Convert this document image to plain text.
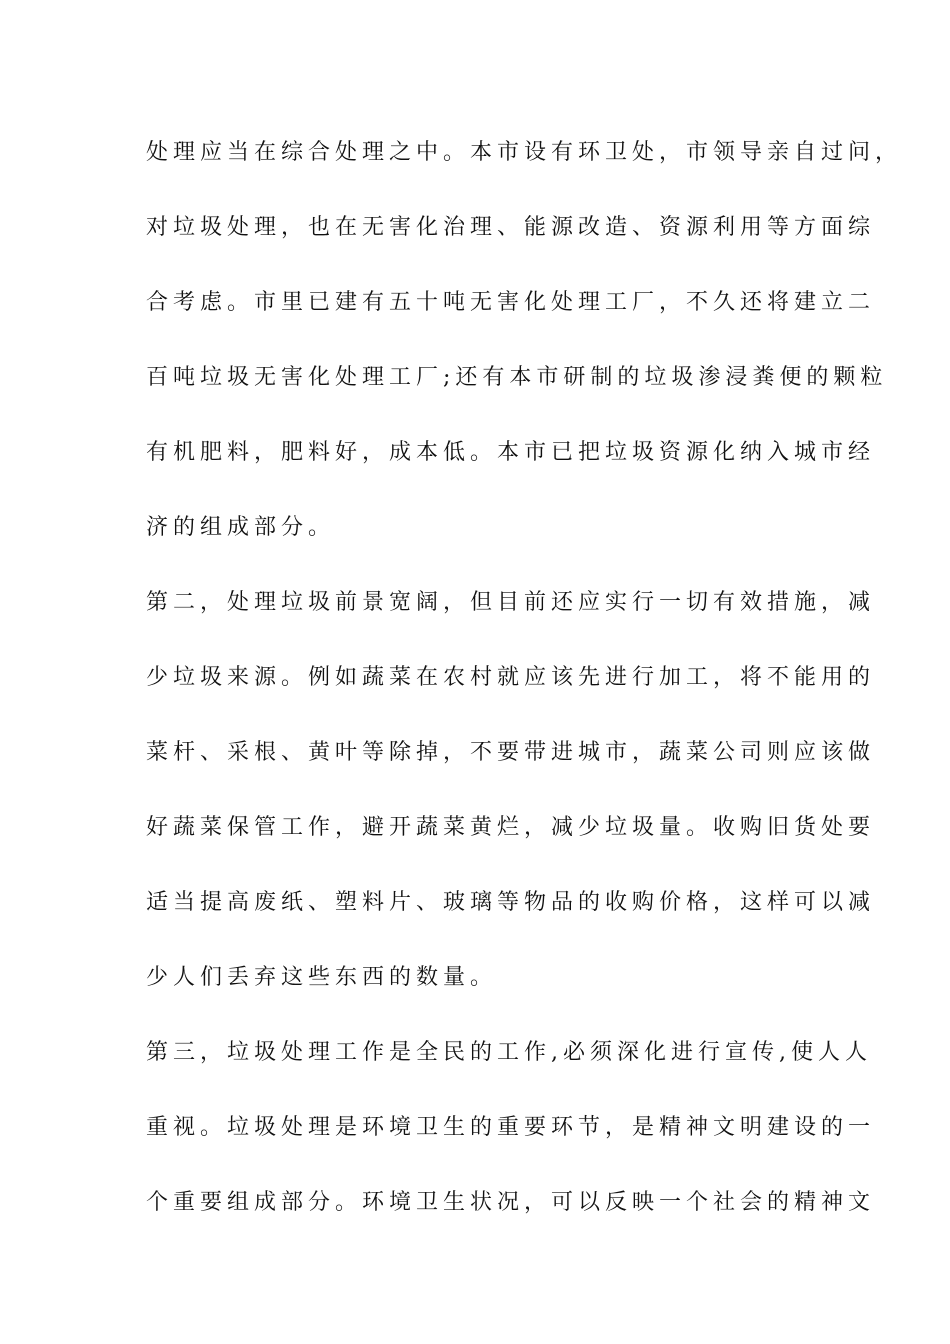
处理应当在综合处理之中。本市设有环卫处，市领导亲自过问，
对垃圾处理，也在无害化治理、能源改造、资源利用等方面综
合考虑。市里已建有五十吨无害化处理工厂，不久还将建立二
百吨垃圾无害化处理工厂;还有本市研制的垃圾渗浸粪便的颗粒
有机肥料，肥料好，成本低。本市已把垃圾资源化纳入城市经
济的组成部分。
第二，处理垃圾前景宽阔，但目前还应实行一切有效措施，减
少垃圾来源。例如蔬菜在农村就应该先进行加工，将不能用的
菜杆、采根、黄叶等除掉，不要带进城市，蔬菜公司则应该做
好蔬菜保管工作，避开蔬菜黄烂，减少垃圾量。收购旧货处要
适当提高废纸、塑料片、玻璃等物品的收购价格，这样可以减
少人们丢弃这些东西的数量。
第三，垃圾处理工作是全民的工作,必须深化进行宣传,使人人
重视。垃圾处理是环境卫生的重要环节，是精神文明建设的一
个重要组成部分。环境卫生状况，可以反映一个社会的精神文
